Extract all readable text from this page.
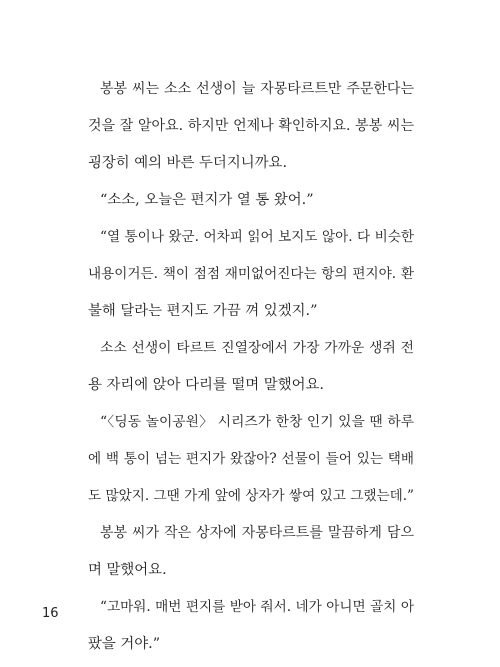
봉봉 씨는 소소 선생이 늘 자몽타르트만 주문한다는
것을 잘 알아요. 하지만 언제나 확인하지요. 봉봉 씨는
굉장히 예의 바른 두더지니까요.
“소소, 오늘은 편지가 열 통 왔어.”
“열 통이나 왔군. 어차피 읽어 보지도 않아. 다 비슷한
내용이거든. 책이 점점 재미없어진다는 항의 편지야. 환
불해 달라는 편지도 가끔 껴 있겠지.”
소소 선생이 타르트 진열장에서 가장 가까운 생쥐 전
용 자리에 앉아 다리를 떨며 말했어요.
“〈딩동 놀이공원〉 시리즈가 한창 인기 있을 땐 하루
에 백 통이 넘는 편지가 왔잖아? 선물이 들어 있는 택배
도 많았지. 그땐 가게 앞에 상자가 쌓여 있고 그랬는데.”
봉봉 씨가 작은 상자에 자몽타르트를 말끔하게 담으
며 말했어요.
“고마워. 매번 편지를 받아 줘서. 네가 아니면 골치 아
팠을 거야.”
16
